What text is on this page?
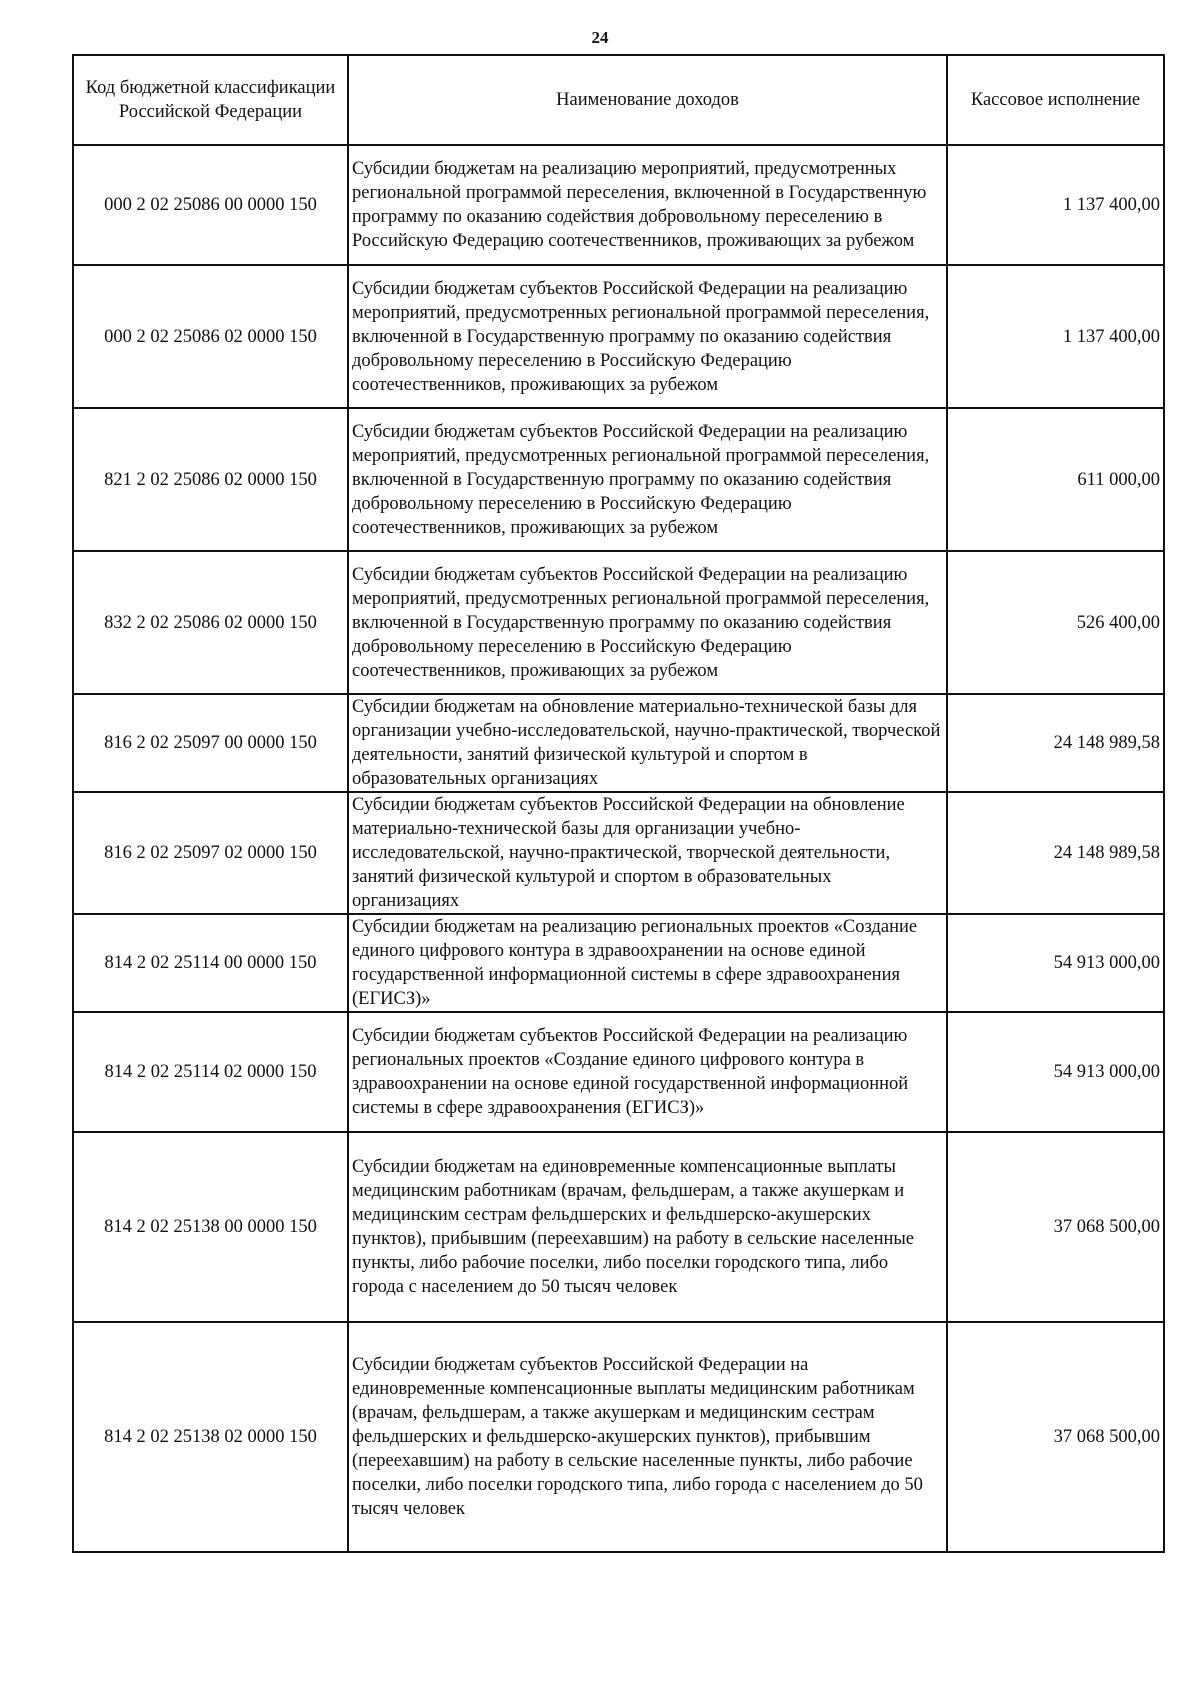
24
Код бюджетной классификации Российской Федерации	Наименование доходов	Кассовое исполнение
000 2 02 25086 00 0000 150	Субсидии бюджетам на реализацию мероприятий, предусмотренных региональной программой переселения, включенной в Государственную программу по оказанию содействия добровольному переселению в Российскую Федерацию соотечественников, проживающих за рубежом	1 137 400,00
000 2 02 25086 02 0000 150	Субсидии бюджетам субъектов Российской Федерации на реализацию мероприятий, предусмотренных региональной программой переселения, включенной в Государственную программу по оказанию содействия добровольному переселению в Российскую Федерацию соотечественников, проживающих за рубежом	1 137 400,00
821 2 02 25086 02 0000 150	Субсидии бюджетам субъектов Российской Федерации на реализацию мероприятий, предусмотренных региональной программой переселения, включенной в Государственную программу по оказанию содействия добровольному переселению в Российскую Федерацию соотечественников, проживающих за рубежом	611 000,00
832 2 02 25086 02 0000 150	Субсидии бюджетам субъектов Российской Федерации на реализацию мероприятий, предусмотренных региональной программой переселения, включенной в Государственную программу по оказанию содействия добровольному переселению в Российскую Федерацию соотечественников, проживающих за рубежом	526 400,00
816 2 02 25097 00 0000 150	Субсидии бюджетам на обновление материально-технической базы для организации учебно-исследовательской, научно-практической, творческой деятельности, занятий физической культурой и спортом в образовательных организациях	24 148 989,58
816 2 02 25097 02 0000 150	Субсидии бюджетам субъектов Российской Федерации на обновление материально-технической базы для организации учебно-исследовательской, научно-практической, творческой деятельности, занятий физической культурой и спортом в образовательных организациях	24 148 989,58
814 2 02 25114 00 0000 150	Субсидии бюджетам на реализацию региональных проектов «Создание единого цифрового контура в здравоохранении на основе единой государственной информационной системы в сфере здравоохранения (ЕГИСЗ)»	54 913 000,00
814 2 02 25114 02 0000 150	Субсидии бюджетам субъектов Российской Федерации на реализацию региональных проектов «Создание единого цифрового контура в здравоохранении на основе единой государственной информационной системы в сфере здравоохранения (ЕГИСЗ)»	54 913 000,00
814 2 02 25138 00 0000 150	Субсидии бюджетам на единовременные компенсационные выплаты медицинским работникам (врачам, фельдшерам, а также акушеркам и медицинским сестрам фельдшерских и фельдшерско-акушерских пунктов), прибывшим (переехавшим) на работу в сельские населенные пункты, либо рабочие поселки, либо поселки городского типа, либо города с населением до 50 тысяч человек	37 068 500,00
814 2 02 25138 02 0000 150	Субсидии бюджетам субъектов Российской Федерации на единовременные компенсационные выплаты медицинским работникам (врачам, фельдшерам, а также акушеркам и медицинским сестрам фельдшерских и фельдшерско-акушерских пунктов), прибывшим (переехавшим) на работу в сельские населенные пункты, либо рабочие поселки, либо поселки городского типа, либо города с населением до 50 тысяч человек	37 068 500,00
